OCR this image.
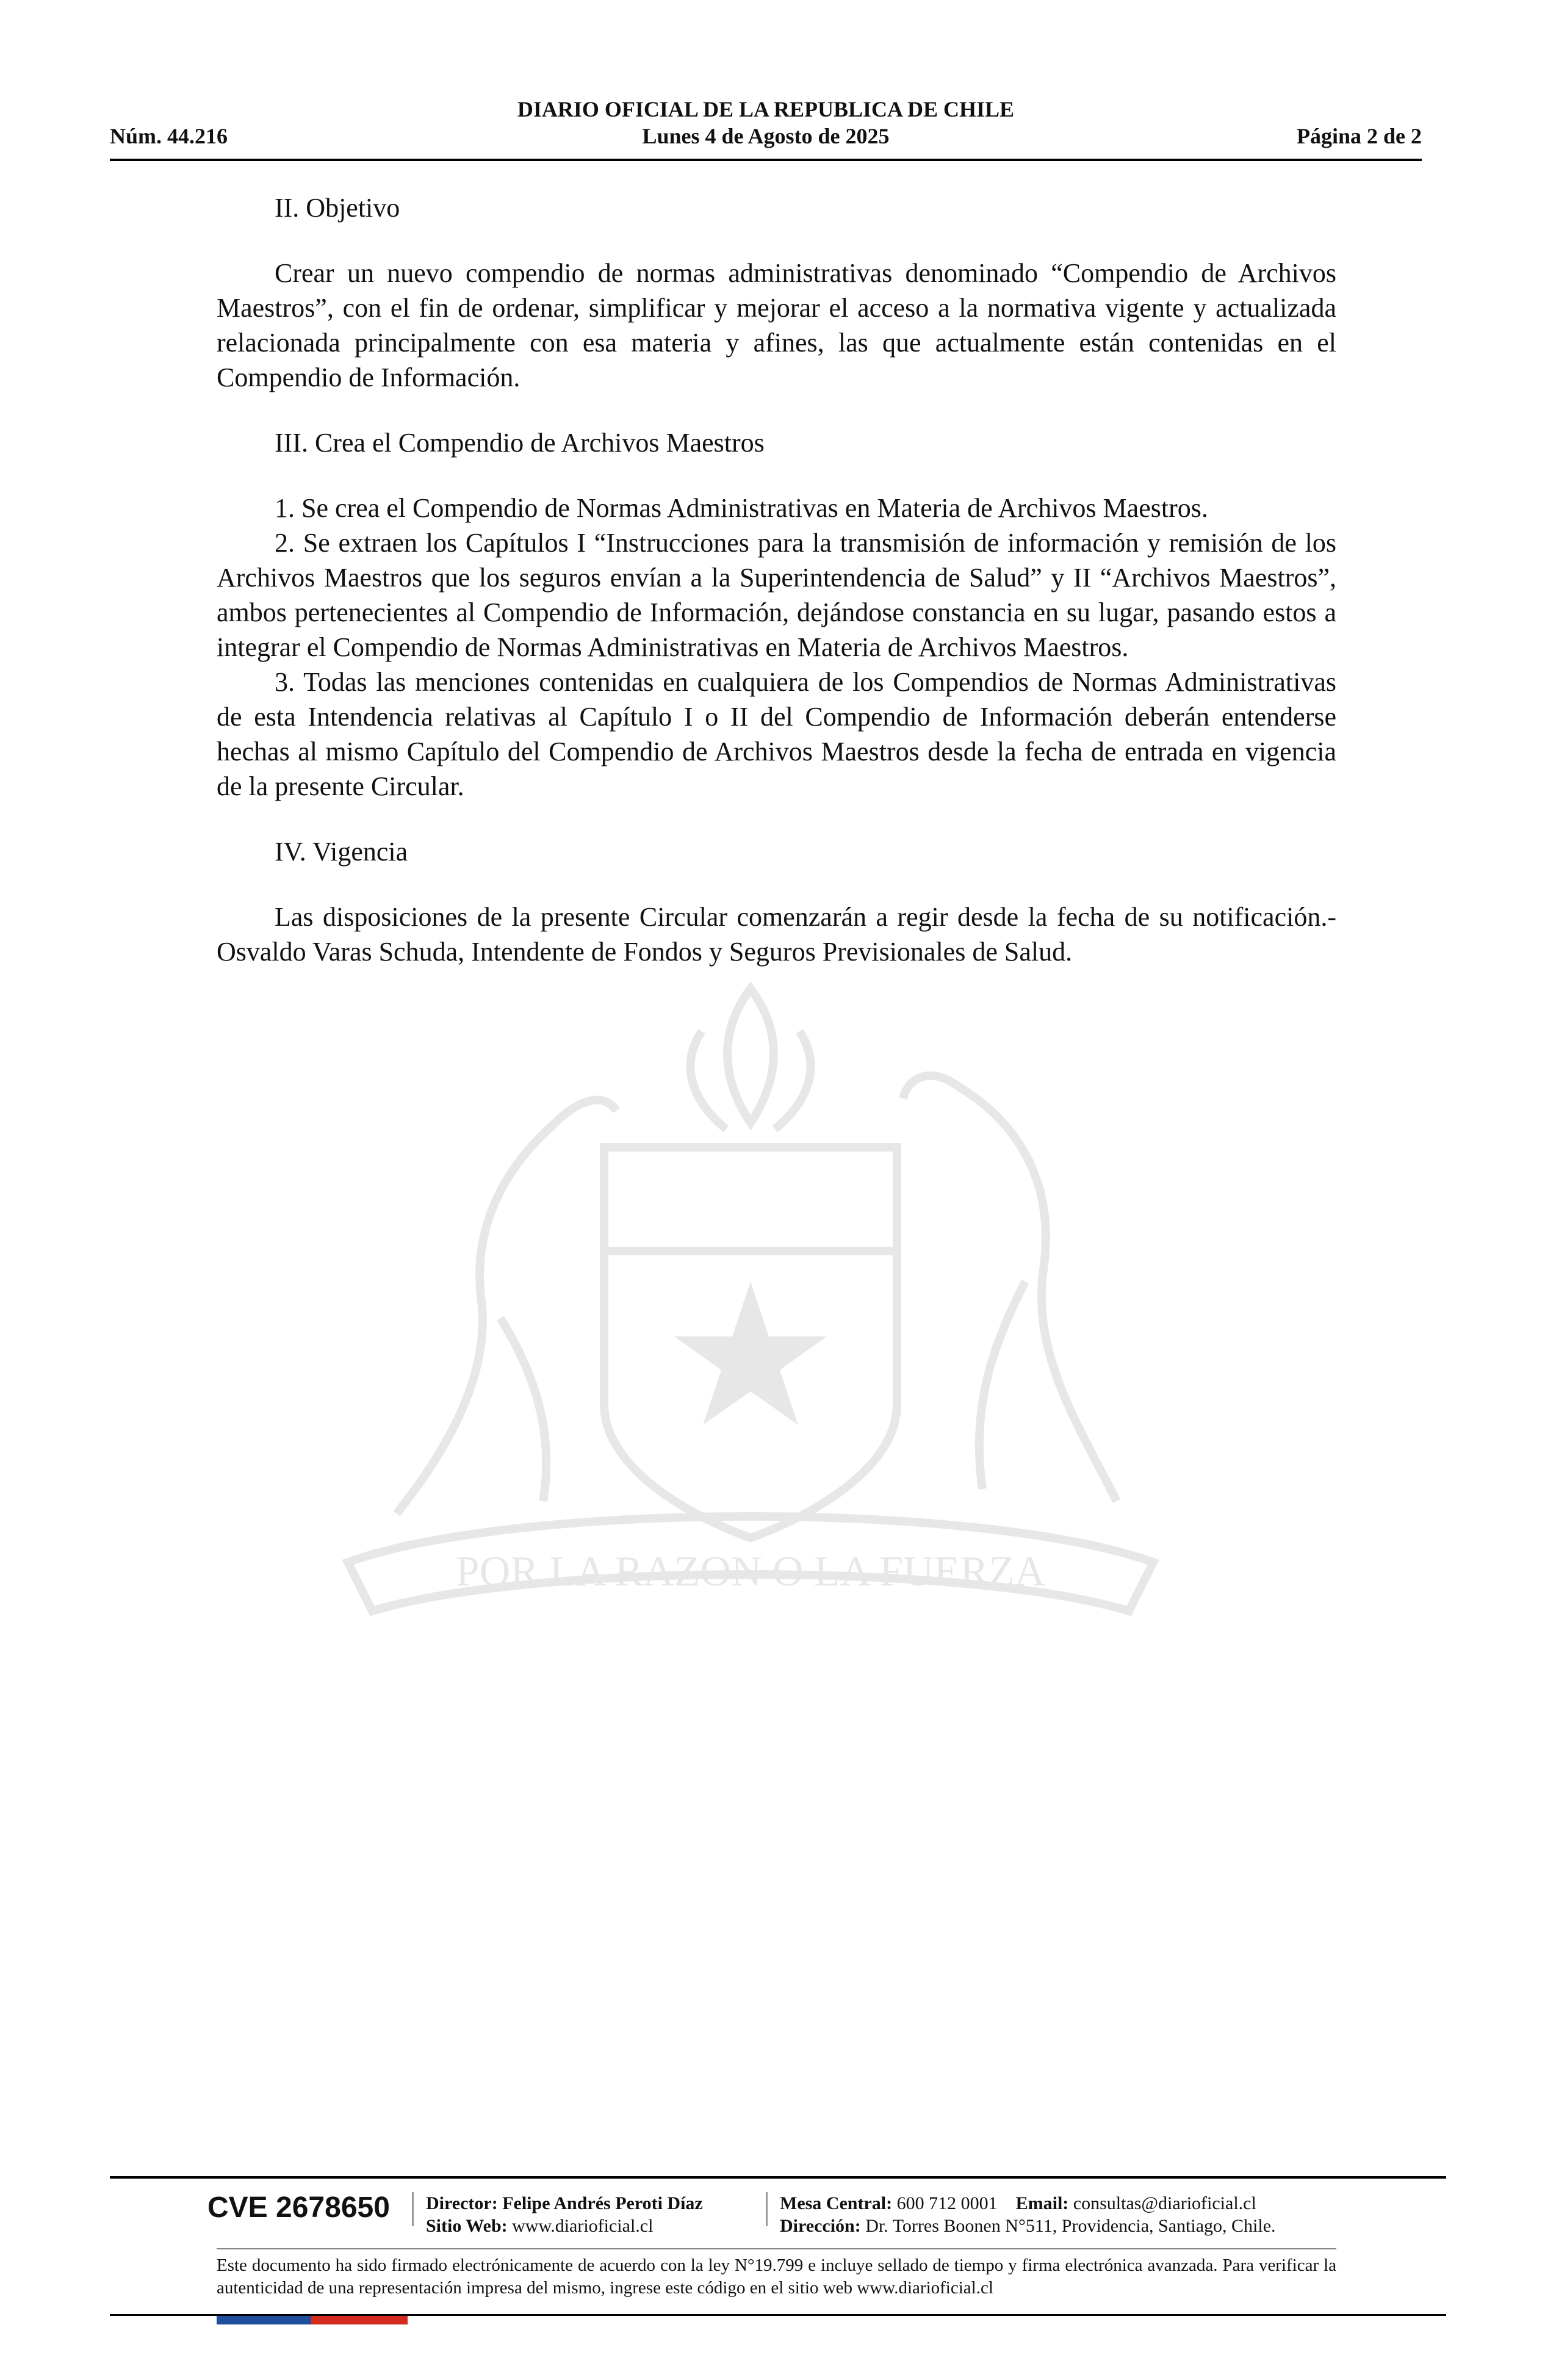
DIARIO OFICIAL DE LA REPUBLICA DE CHILE
Núm. 44.216	Lunes 4 de Agosto de 2025	Página 2 de 2
POR LA RAZON O LA FUERZA

II. Objetivo

Crear un nuevo compendio de normas administrativas denominado “Compendio de Archivos Maestros”, con el fin de ordenar, simplificar y mejorar el acceso a la normativa vigente y actualizada relacionada principalmente con esa materia y afines, las que actualmente están contenidas en el Compendio de Información.

III. Crea el Compendio de Archivos Maestros

1. Se crea el Compendio de Normas Administrativas en Materia de Archivos Maestros.

2. Se extraen los Capítulos I “Instrucciones para la transmisión de información y remisión de los Archivos Maestros que los seguros envían a la Superintendencia de Salud” y II “Archivos Maestros”, ambos pertenecientes al Compendio de Información, dejándose constancia en su lugar, pasando estos a integrar el Compendio de Normas Administrativas en Materia de Archivos Maestros.

3. Todas las menciones contenidas en cualquiera de los Compendios de Normas Administrativas de esta Intendencia relativas al Capítulo I o II del Compendio de Información deberán entenderse hechas al mismo Capítulo del Compendio de Archivos Maestros desde la fecha de entrada en vigencia de la presente Circular.

IV. Vigencia

Las disposiciones de la presente Circular comenzarán a regir desde la fecha de su notificación.- Osvaldo Varas Schuda, Intendente de Fondos y Seguros Previsionales de Salud.

CVE 2678650 Director: Felipe Andrés Peroti Díaz
Sitio Web: www.diarioficial.cl
Mesa Central: 600 712 0001 Email: consultas@diarioficial.cl
Dirección: Dr. Torres Boonen N°511, Providencia, Santiago, Chile.
Este documento ha sido firmado electrónicamente de acuerdo con la ley N°19.799 e incluye sellado de tiempo y firma electrónica avanzada. Para verificar la autenticidad de una representación impresa del mismo, ingrese este código en el sitio web www.diarioficial.cl
